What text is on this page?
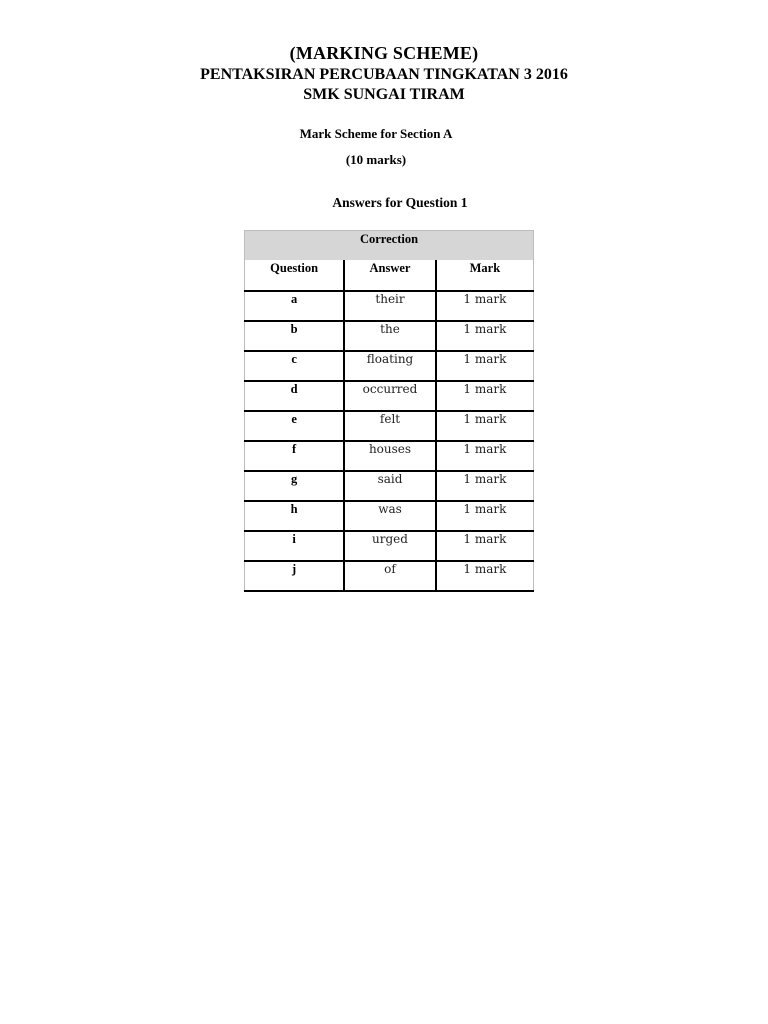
(MARKING SCHEME)
PENTAKSIRAN PERCUBAAN TINGKATAN 3 2016
SMK SUNGAI TIRAM
Mark Scheme for Section A
(10 marks)
Answers for Question 1
Correction		
Question	Answer	Mark
a	their	1 mark
b	the	1 mark
c	floating	1 mark
d	occurred	1 mark
e	felt	1 mark
f	houses	1 mark
g	said	1 mark
h	was	1 mark
i	urged	1 mark
j	of	1 mark
